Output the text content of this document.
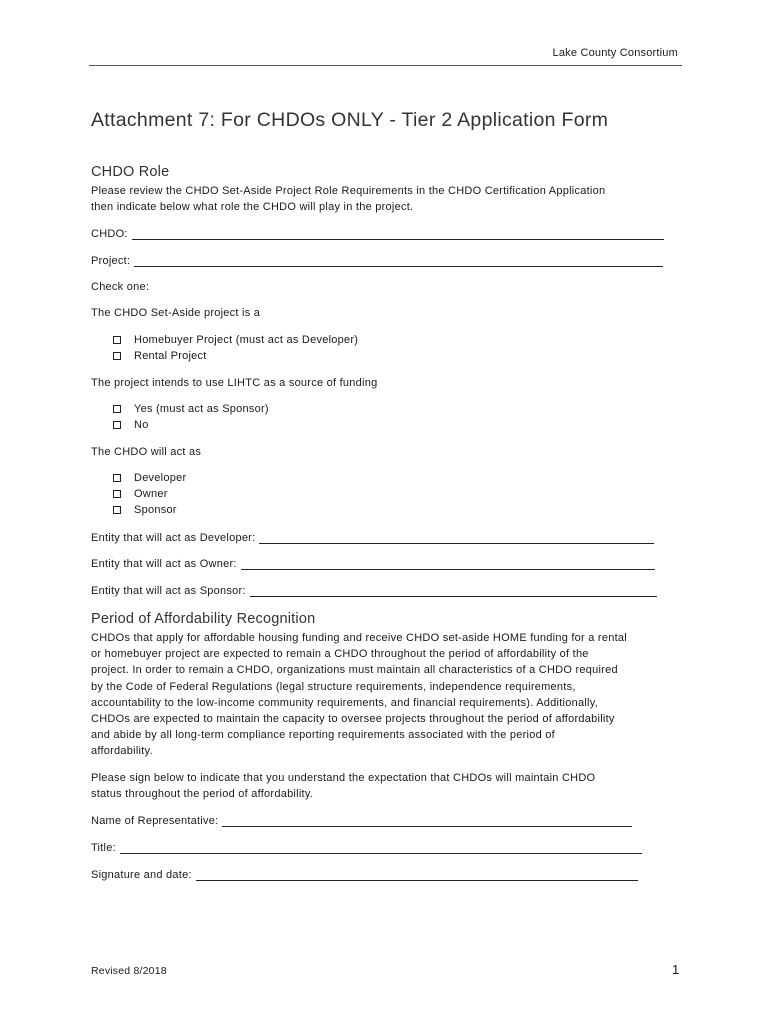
Lake County Consortium
Attachment 7: For CHDOs ONLY - Tier 2 Application Form
CHDO Role
Please review the CHDO Set-Aside Project Role Requirements in the CHDO Certification Application
then indicate below what role the CHDO will play in the project.
CHDO:
Project:
Check one:
The CHDO Set-Aside project is a
Homebuyer Project (must act as Developer)
Rental Project
The project intends to use LIHTC as a source of funding
Yes (must act as Sponsor)
No
The CHDO will act as
Developer
Owner
Sponsor
Entity that will act as Developer:
Entity that will act as Owner:
Entity that will act as Sponsor:
Period of Affordability Recognition
CHDOs that apply for affordable housing funding and receive CHDO set-aside HOME funding for a rental
or homebuyer project are expected to remain a CHDO throughout the period of affordability of the
project. In order to remain a CHDO, organizations must maintain all characteristics of a CHDO required
by the Code of Federal Regulations (legal structure requirements, independence requirements,
accountability to the low-income community requirements, and financial requirements). Additionally,
CHDOs are expected to maintain the capacity to oversee projects throughout the period of affordability
and abide by all long-term compliance reporting requirements associated with the period of
affordability.
Please sign below to indicate that you understand the expectation that CHDOs will maintain CHDO
status throughout the period of affordability.
Name of Representative:
Title:
Signature and date:
Revised 8/2018	1
